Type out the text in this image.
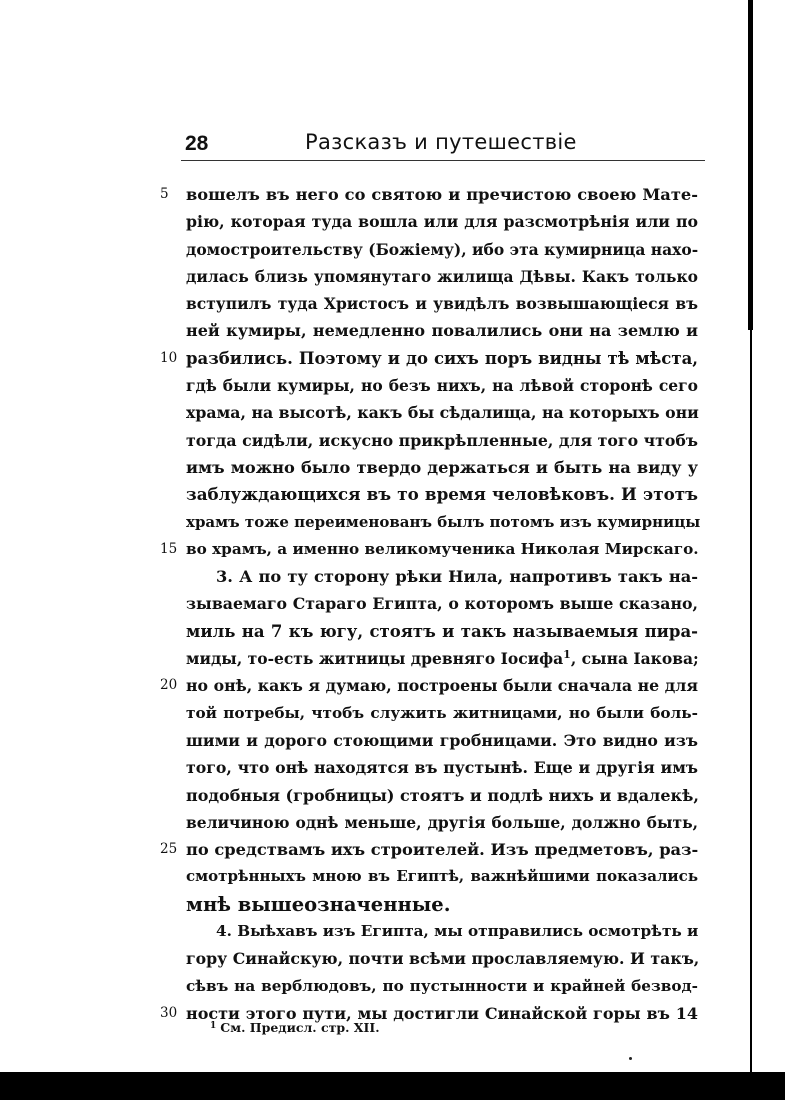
28	Разсказъ и путешествіе
5	вошелъ въ него со святою и пречистою своею Мате-
рію, которая туда вошла или для разсмотрѣнія или по
домостроительству (Божіему), ибо эта кумирница нахо-
дилась близь упомянутаго жилища Дѣвы. Какъ только
вступилъ туда Христосъ и увидѣлъ возвышающіеся въ
ней кумиры, немедленно повалились они на землю и
10 разбились. Поэтому и до сихъ поръ видны тѣ мѣста,
гдѣ были кумиры, но безъ нихъ, на лѣвой сторонѣ сего
храма, на высотѣ, какъ бы сѣдалища, на которыхъ они
тогда сидѣли, искусно прикрѣпленные, для того чтобъ
имъ можно было твердо держаться и быть на виду у
заблуждающихся въ то время человѣковъ. И этотъ
храмъ тоже переименованъ былъ потомъ изъ кумирницы
15 во храмъ, а именно великомученика Николая Мирскаго.
3. А по ту сторону рѣки Нила, напротивъ такъ на-
зываемаго Стараго Египта, о которомъ выше сказано,
миль на 7 къ югу, стоятъ и такъ называемыя пира-
миды, то-есть житницы древняго Іосифа$^1$, сына Іакова;
20 но онѣ, какъ я думаю, построены были сначала не для
той потребы, чтобъ служить житницами, но были боль-
шими и дорого стоющими гробницами. Это видно изъ
того, что онѣ находятся въ пустынѣ. Еще и другія имъ
подобныя (гробницы) стоятъ и подлѣ нихъ и вдалекѣ,
величиною однѣ меньше, другія больше, должно быть,
25 по средствамъ ихъ строителей. Изъ предметовъ, раз-
смотрѣнныхъ мною въ Египтѣ, важнѣйшими показались
мнѣ вышеозначенные.
4. Выѣхавъ изъ Египта, мы отправились осмотрѣть и
гору Синайскую, почти всѣми прославляемую. И такъ,
сѣвъ на верблюдовъ, по пустынности и крайней безвод-
30 ности этого пути, мы достигли Синайской горы въ 14
$^1$ См. Предисл. стр. XII.
